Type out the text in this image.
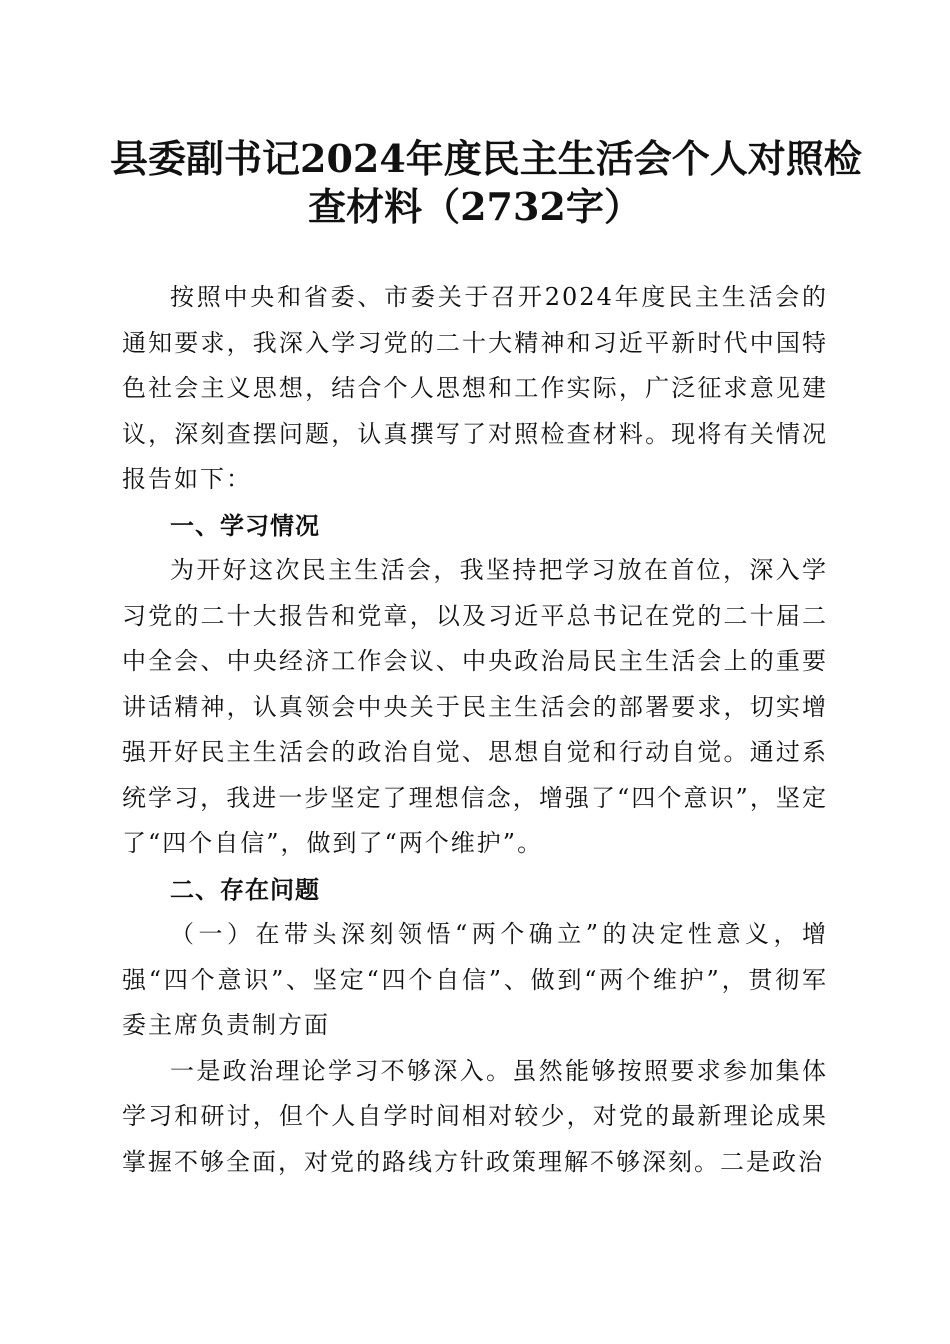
县委副书记2024年度民主生活会个人对照检
查材料（2732字）

按照中央和省委、市委关于召开2024年度民主生活会的通知要求，我深入学习党的二十大精神和习近平新时代中国特色社会主义思想，结合个人思想和工作实际，广泛征求意见建议，深刻查摆问题，认真撰写了对照检查材料。现将有关情况报告如下：

一、学习情况

为开好这次民主生活会，我坚持把学习放在首位，深入学习党的二十大报告和党章，以及习近平总书记在党的二十届二中全会、中央经济工作会议、中央政治局民主生活会上的重要讲话精神，认真领会中央关于民主生活会的部署要求，切实增强开好民主生活会的政治自觉、思想自觉和行动自觉。通过系统学习，我进一步坚定了理想信念，增强了“四个意识”，坚定了“四个自信”，做到了“两个维护”。

二、存在问题

（一）在带头深刻领悟“两个确立”的决定性意义，增强“四个意识”、坚定“四个自信”、做到“两个维护”，贯彻军委主席负责制方面

一是政治理论学习不够深入。虽然能够按照要求参加集体学习和研讨，但个人自学时间相对较少，对党的最新理论成果掌握不够全面，对党的路线方针政策理解不够深刻。二是政治
